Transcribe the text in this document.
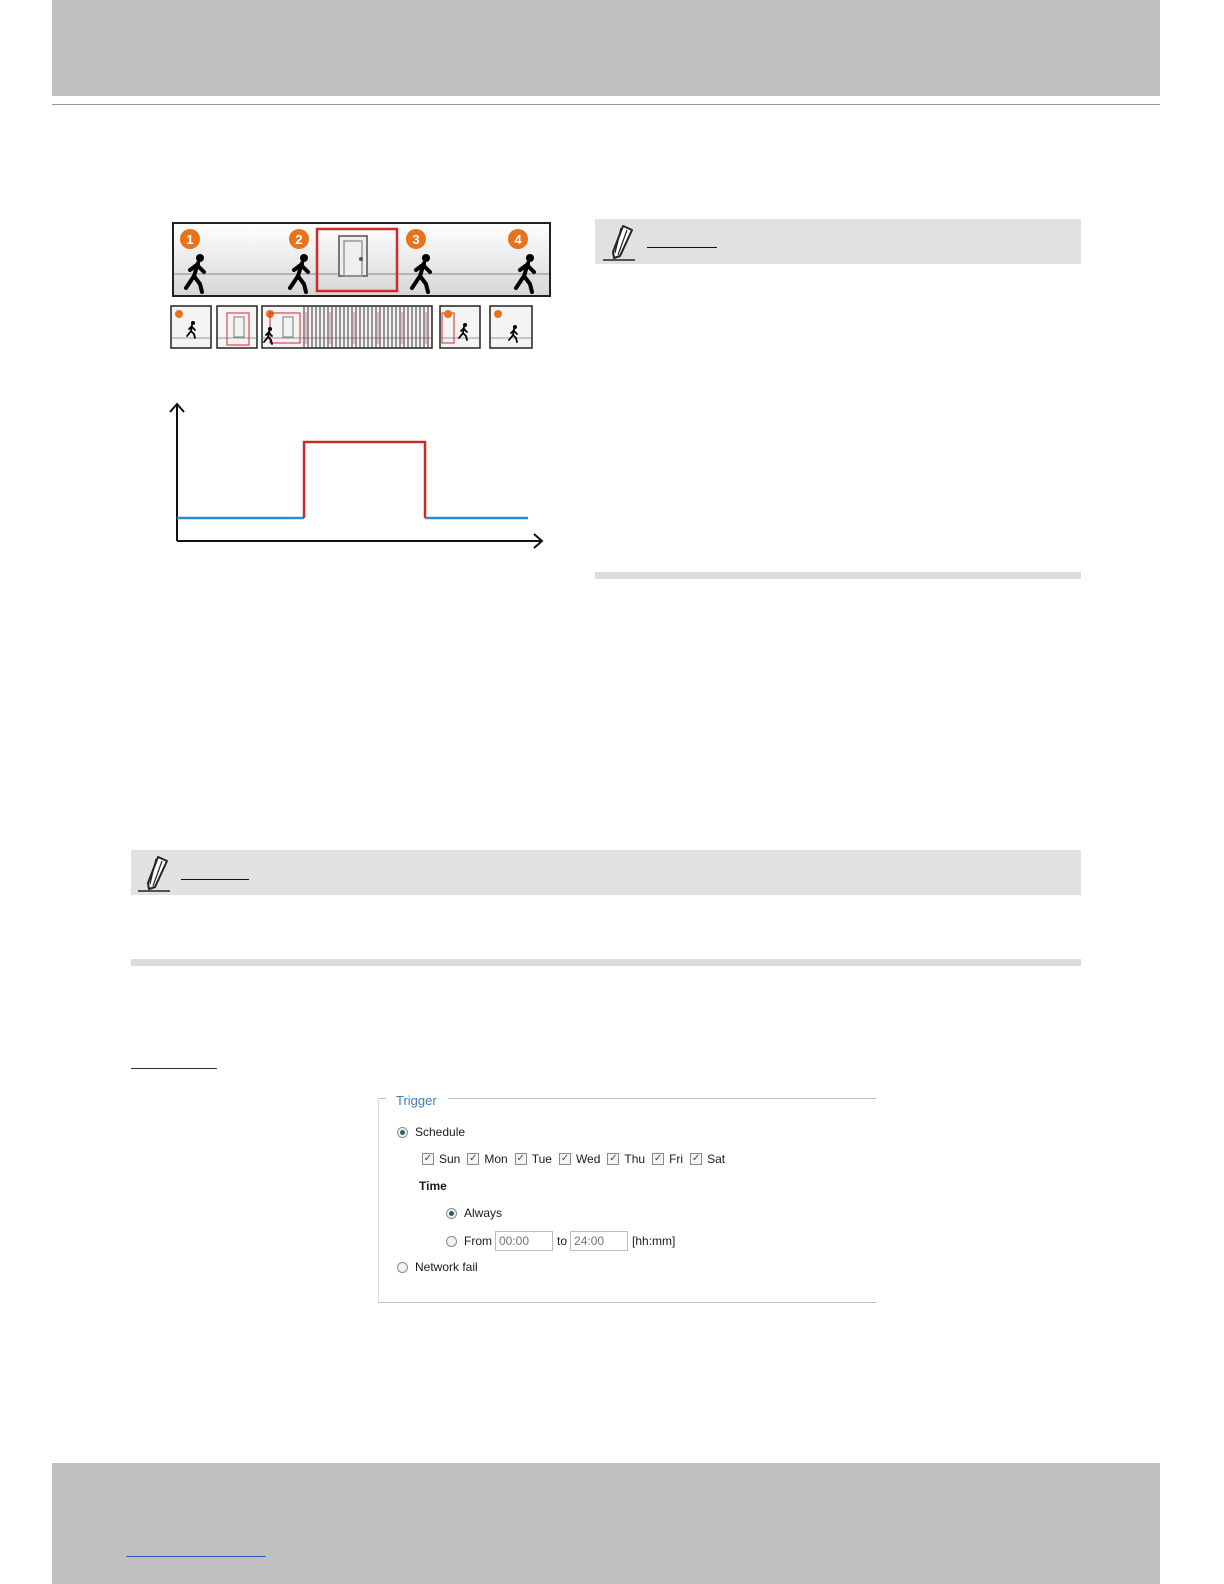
1	2	3	4
Trigger
Schedule
✓ Sun ✓ Mon ✓ Tue ✓ Wed ✓ Thu ✓ Fri ✓ Sat
Time
Always
From
00:00	to
24:00	[hh:mm]
Network fail
